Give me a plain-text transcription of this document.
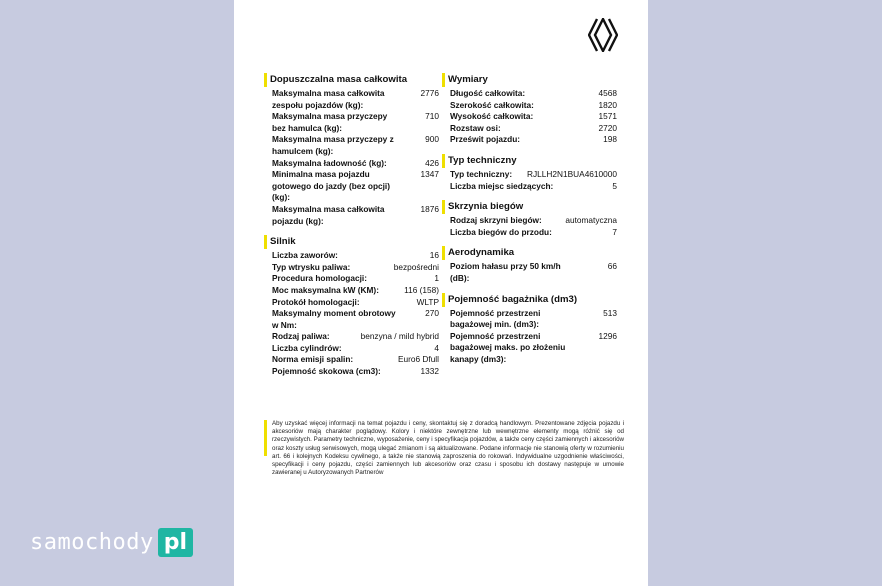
Dopuszczalna masa całkowita
Maksymalna masa całkowita zespołu pojazdów (kg):
2776
Maksymalna masa przyczepy bez hamulca (kg):
710
Maksymalna masa przyczepy z hamulcem (kg):
900
Maksymalna ładowność (kg):	426
Minimalna masa pojazdu gotowego do jazdy (bez opcji) (kg):
1347
Maksymalna masa całkowita pojazdu (kg):
1876
Silnik
Liczba zaworów:	16
Typ wtrysku paliwa:	bezpośredni
Procedura homologacji:	1
Moc maksymalna kW (KM):	116 (158)
Protokół homologacji:	WLTP
Maksymalny moment obrotowy w Nm:
270
Rodzaj paliwa:	benzyna / mild hybrid
Liczba cylindrów:	4
Norma emisji spalin:	Euro6 Dfull
Pojemność skokowa (cm3):	1332
Wymiary
Długość całkowita:	4568
Szerokość całkowita:	1820
Wysokość całkowita:	1571
Rozstaw osi:	2720
Prześwit pojazdu:	198
Typ techniczny
Typ techniczny:	RJLLH2N1BUA4610000
Liczba miejsc siedzących:	5
Skrzynia biegów
Rodzaj skrzyni biegów:	automatyczna
Liczba biegów do przodu:	7
Aerodynamika
Poziom hałasu przy 50 km/h (dB):
66
Pojemność bagażnika (dm3)
Pojemność przestrzeni bagażowej min. (dm3):
513
Pojemność przestrzeni bagażowej maks. po złożeniu kanapy (dm3):
1296
Aby uzyskać więcej informacji na temat pojazdu i ceny, skontaktuj się z doradcą handlowym. Prezentowane zdjęcia pojazdu i akcesoriów mają charakter poglądowy. Kolory i niektóre zewnętrzne lub wewnętrzne elementy mogą różnić się od rzeczywistych. Parametry techniczne, wyposażenie, ceny i specyfikacja pojazdów, a także ceny części zamiennych i akcesoriów oraz koszty usług serwisowych, mogą ulegać zmianom i są aktualizowane. Podane informacje nie stanowią oferty w rozumieniu art. 66 i kolejnych Kodeksu cywilnego, a także nie stanowią zaproszenia do rokowań. Indywidualne uzgodnienie właściwości, specyfikacji i ceny pojazdu, części zamiennych lub akcesoriów oraz czasu i sposobu ich dostawy następuje w umowie zawieranej u Autoryzowanych Partnerów
samochody pl
